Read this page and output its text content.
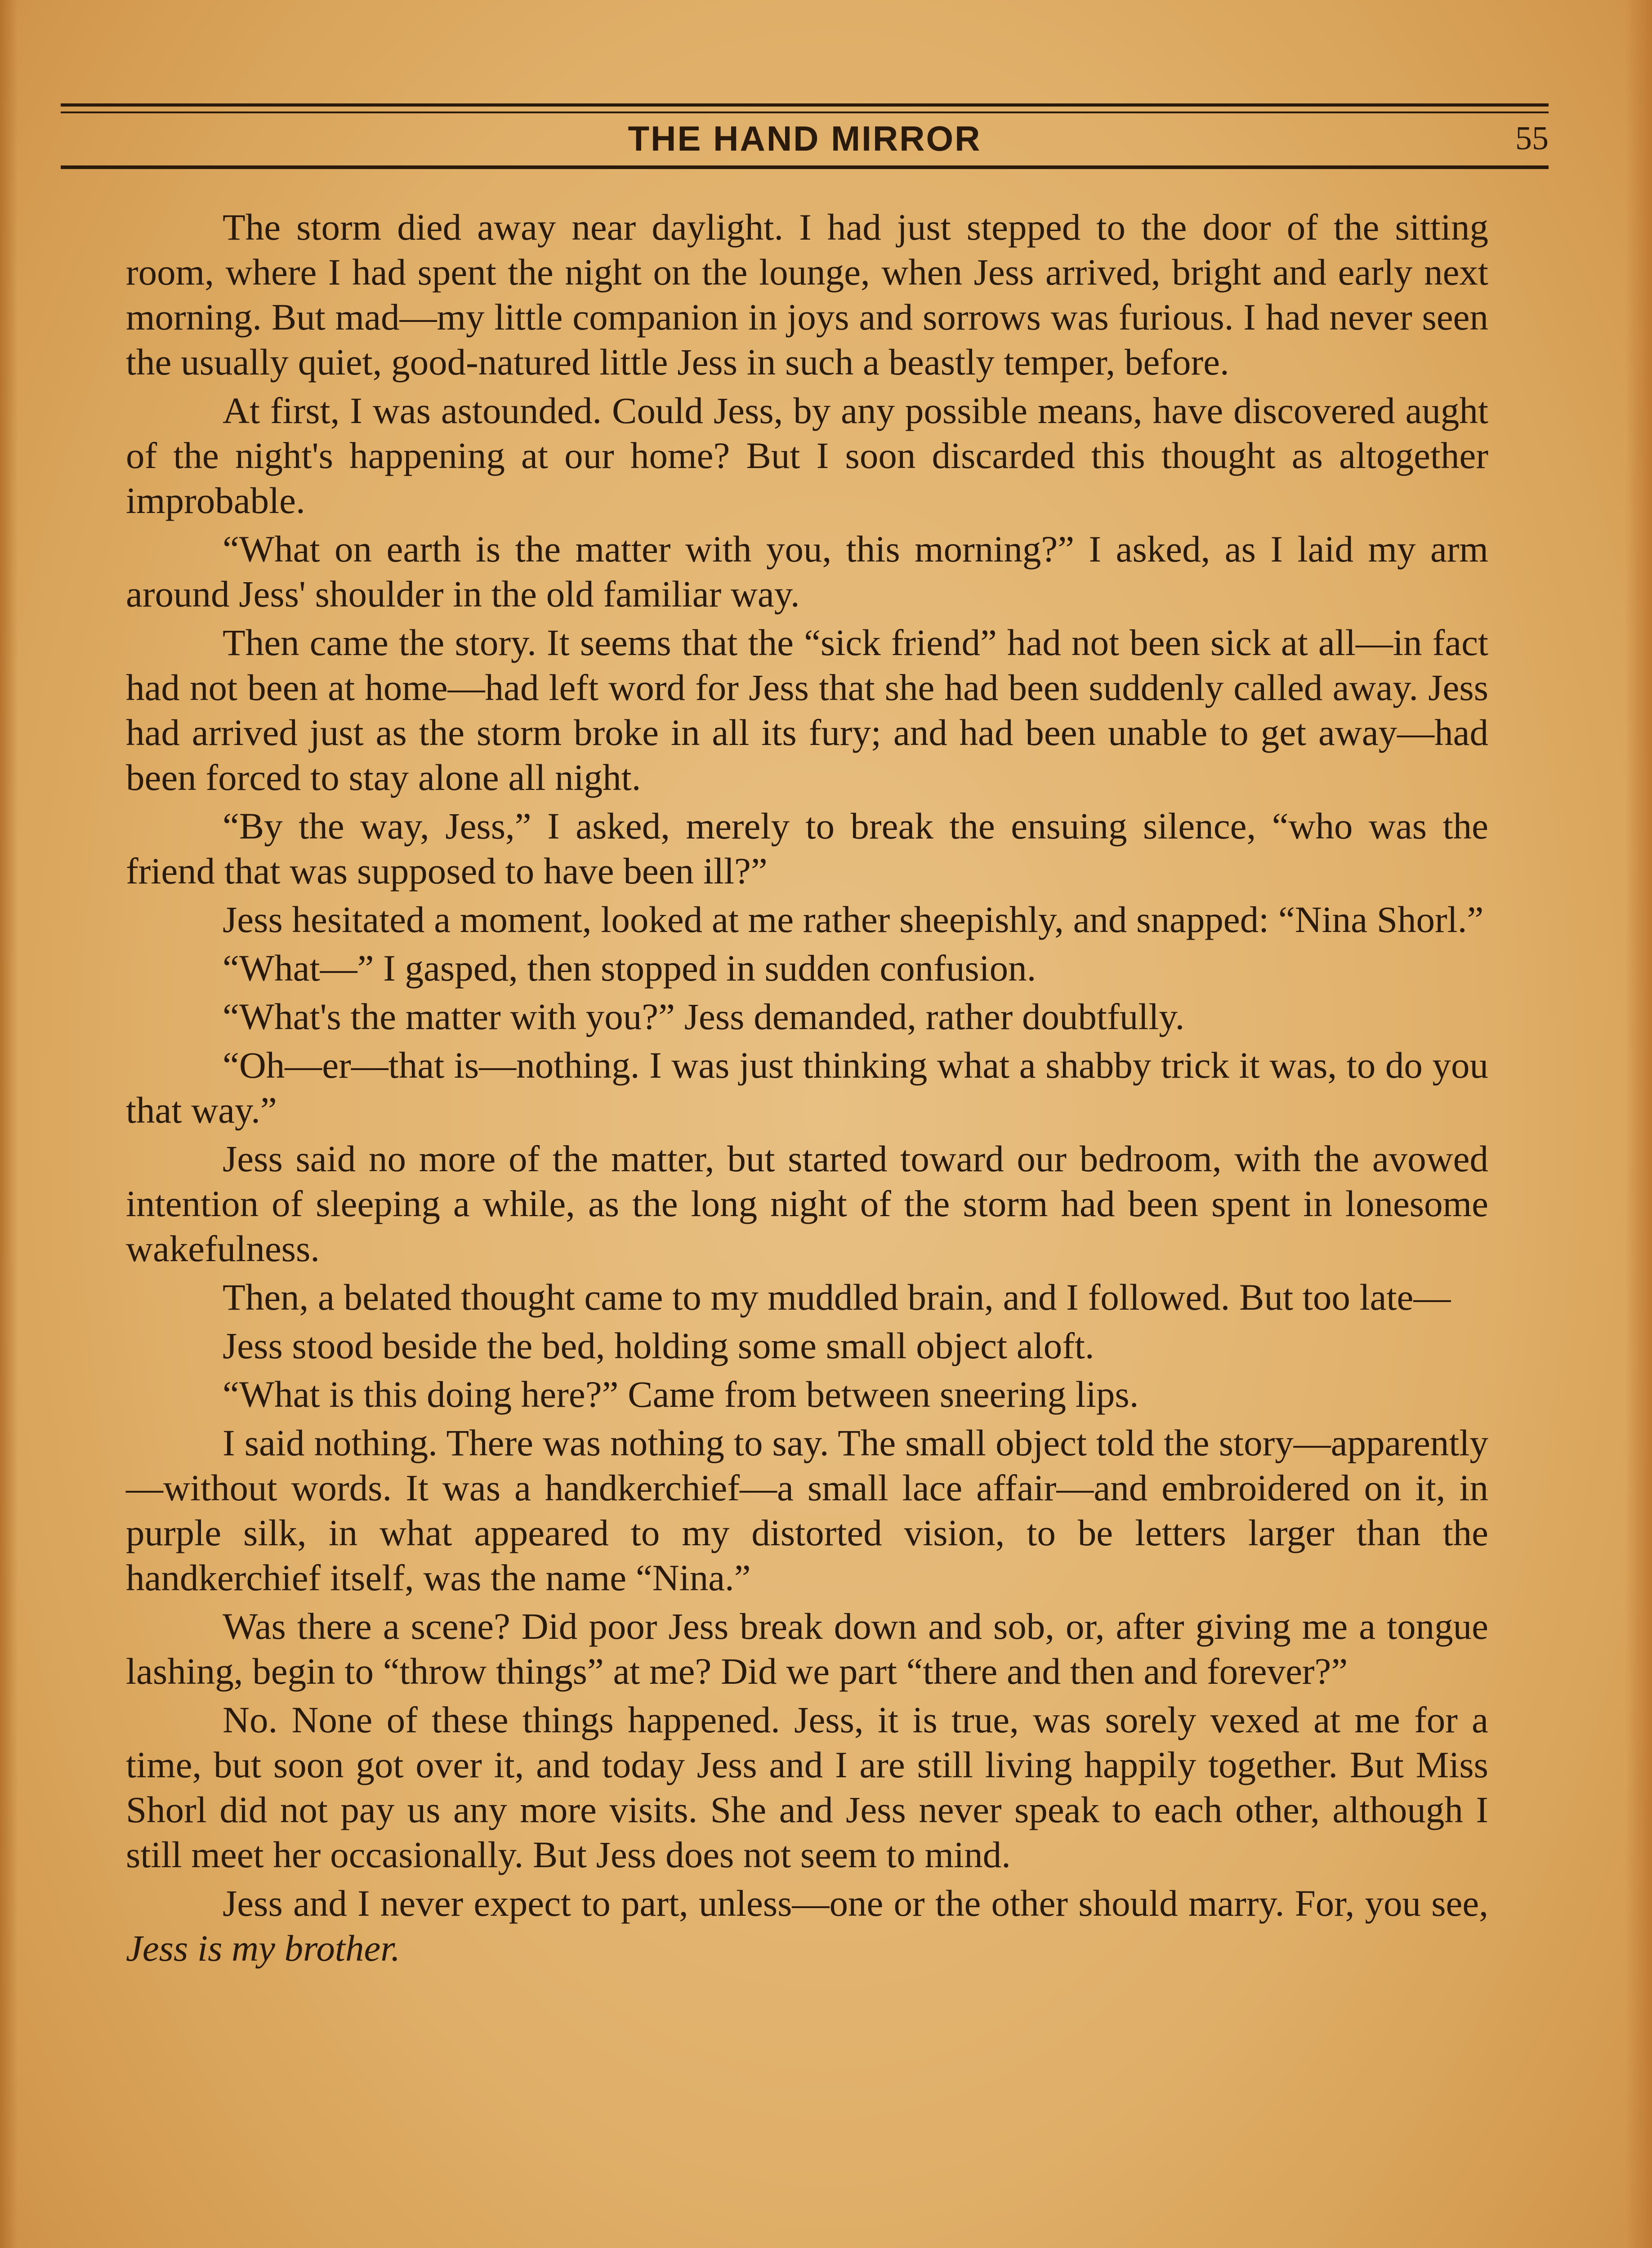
THE HAND MIRROR	55

The storm died away near daylight. I had just stepped to the door of the sitting room, where I had spent the night on the lounge, when Jess arrived, bright and early next morning. But mad—my little companion in joys and sorrows was furious. I had never seen the usually quiet, good-natured little Jess in such a beastly temper, before.

At first, I was astounded. Could Jess, by any possible means, have discovered aught of the night's happening at our home? But I soon discarded this thought as altogether improbable.

“What on earth is the matter with you, this morning?” I asked, as I laid my arm around Jess' shoulder in the old familiar way.

Then came the story. It seems that the “sick friend” had not been sick at all—in fact had not been at home—had left word for Jess that she had been suddenly called away. Jess had arrived just as the storm broke in all its fury; and had been unable to get away—had been forced to stay alone all night.

“By the way, Jess,” I asked, merely to break the ensuing silence, “who was the friend that was supposed to have been ill?”

Jess hesitated a moment, looked at me rather sheepishly, and snapped: “Nina Shorl.”

“What—” I gasped, then stopped in sudden confusion.

“What's the matter with you?” Jess demanded, rather doubtfully.

“Oh—er—that is—nothing. I was just thinking what a shabby trick it was, to do you that way.”

Jess said no more of the matter, but started toward our bedroom, with the avowed intention of sleeping a while, as the long night of the storm had been spent in lonesome wakefulness.

Then, a belated thought came to my muddled brain, and I followed. But too late—

Jess stood beside the bed, holding some small object aloft.

“What is this doing here?” Came from between sneering lips.

I said nothing. There was nothing to say. The small object told the story—apparently—without words. It was a handkerchief—a small lace affair—and embroidered on it, in purple silk, in what appeared to my distorted vision, to be letters larger than the handkerchief itself, was the name “Nina.”

Was there a scene? Did poor Jess break down and sob, or, after giving me a tongue lashing, begin to “throw things” at me? Did we part “there and then and forever?”

No. None of these things happened. Jess, it is true, was sorely vexed at me for a time, but soon got over it, and today Jess and I are still living happily together. But Miss Shorl did not pay us any more visits. She and Jess never speak to each other, although I still meet her occasionally. But Jess does not seem to mind.

Jess and I never expect to part, unless—one or the other should marry. For, you see, Jess is my brother.
